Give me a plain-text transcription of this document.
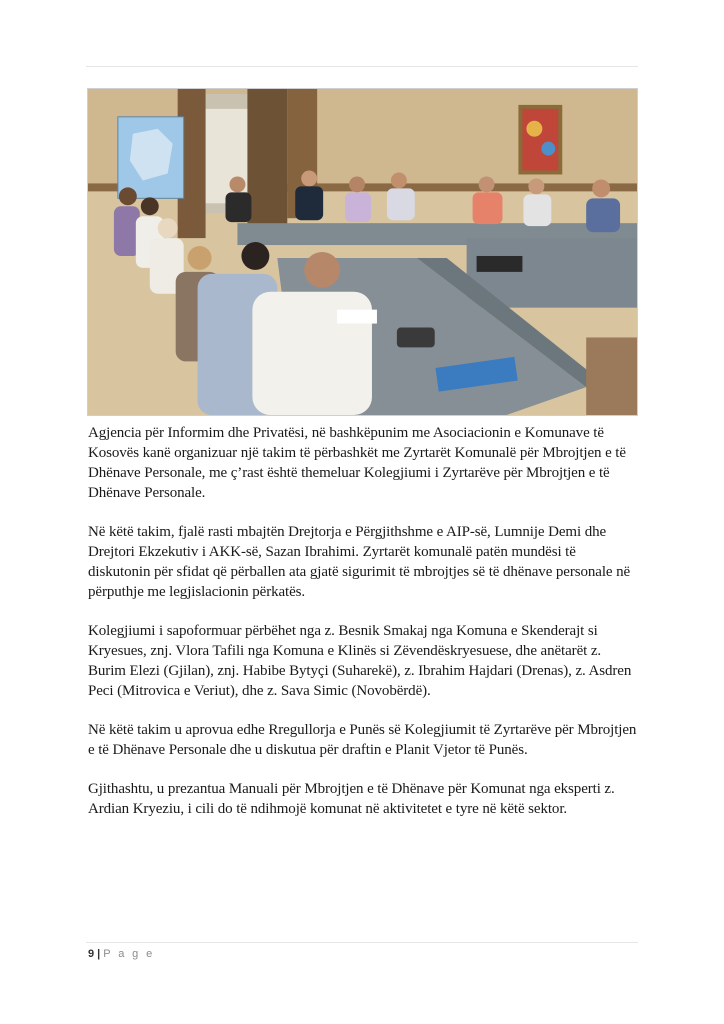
Agjencia për Informim dhe Privatësi, në bashkëpunim me Asociacionin e Komunave të Kosovës kanë organizuar një takim të përbashkët me Zyrtarët Komunalë për Mbrojtjen e të Dhënave Personale, me ç’rast është themeluar Kolegjiumi i Zyrtarëve për Mbrojtjen e të Dhënave Personale.

Në këtë takim, fjalë rasti mbajtën Drejtorja e Përgjithshme e AIP-së, Lumnije Demi dhe Drejtori Ekzekutiv i AKK-së, Sazan Ibrahimi. Zyrtarët komunalë patën mundësi të diskutonin për sfidat që përballen ata gjatë sigurimit të mbrojtjes së të dhënave personale në përputhje me legjislacionin përkatës.

Kolegjiumi i sapoformuar përbëhet nga z. Besnik Smakaj nga Komuna e Skenderajt si Kryesues, znj. Vlora Tafili nga Komuna e Klinës si Zëvendëskryesuese, dhe anëtarët z. Burim Elezi (Gjilan), znj. Habibe Bytyçi (Suharekë), z. Ibrahim Hajdari (Drenas), z. Asdren Peci (Mitrovica e Veriut), dhe z. Sava Simic (Novobërdë).

Në këtë takim u aprovua edhe Rregullorja e Punës së Kolegjiumit të Zyrtarëve për Mbrojtjen e të Dhënave Personale dhe u diskutua për draftin e Planit Vjetor të Punës.

Gjithashtu, u prezantua Manuali për Mbrojtjen e të Dhënave për Komunat nga eksperti z. Ardian Kryeziu, i cili do të ndihmojë komunat në aktivitetet e tyre në këtë sektor.

9 | P a g e
